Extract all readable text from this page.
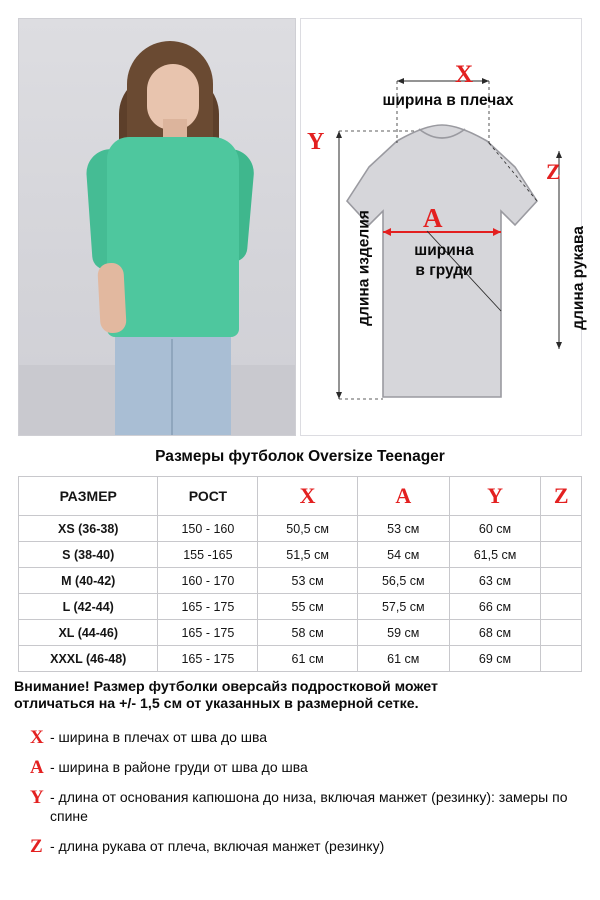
X
ширина в плечах
Y
длина изделия
Z
длина рукава
A
ширина
в груди
Размеры футболок Oversize Teenager
РАЗМЕР	РОСТ	X	A	Y	Z
XS (36-38)	150 - 160	50,5 см	53 см	60 см	
S (38-40)	155 -165	51,5 см	54 см	61,5 см	
M (40-42)	160 - 170	53 см	56,5 см	63 см	
L (42-44)	165 - 175	55 см	57,5 см	66 см	
XL (44-46)	165 - 175	58 см	59 см	68 см	
XXXL (46-48)	165 - 175	61 см	61 см	69 см	
Внимание! Размер футболки оверсайз подростковой может
отличаться на +/- 1,5 см от указанных в размерной сетке.
X - ширина в плечах от шва до шва
A - ширина в районе груди от шва до шва
Y - длина от основания капюшона до низа, включая манжет (резинку): замеры по спине
Z - длина рукава от плеча, включая манжет (резинку)
